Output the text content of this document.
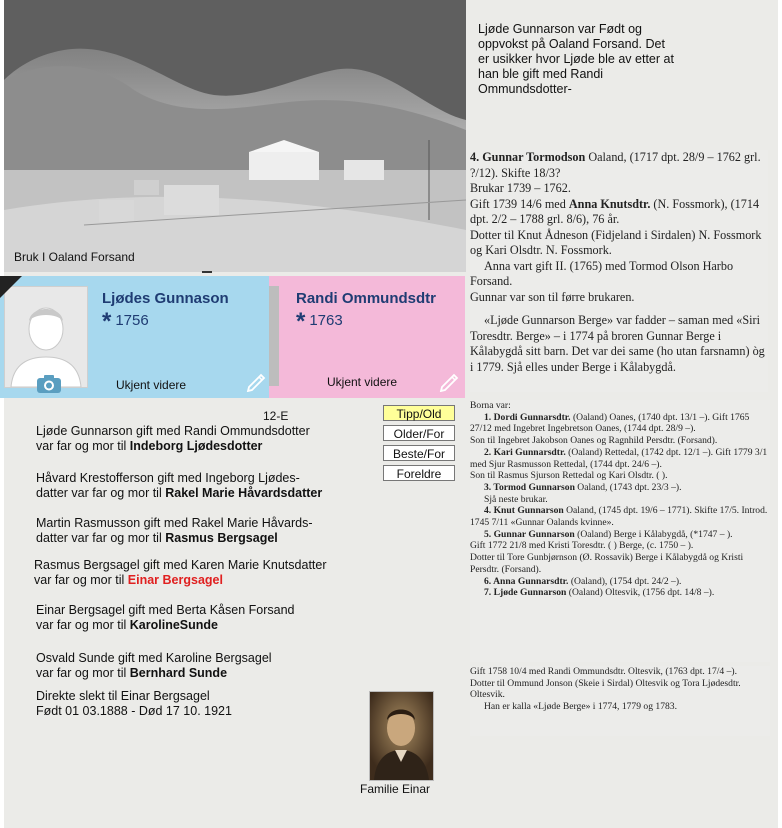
Bruk I Oaland Forsand
Ljøde Gunnarson var Født og oppvokst på Oaland Forsand. Det er usikker hvor Ljøde ble av etter at han ble gift med Randi Ommundsdotter-

4. Gunnar Tormodson Oaland, (1717 dpt. 28/9 – 1762 grl. ?/12). Skifte 18/3?

Brukar 1739 – 1762.

Gift 1739 14/6 med Anna Knutsdtr. (N. Fossmork), (1714 dpt. 2/2 – 1788 grl. 8/6), 76 år.

Dotter til Knut Ådneson (Fidjeland i Sirdalen) N. Fossmork og Kari Olsdtr. N. Fossmork.

Anna vart gift II. (1765) med Tormod Olson Harbo Forsand.

Gunnar var son til førre brukaren.

«Ljøde Gunnarson Berge» var fadder – saman med «Siri Toresdtr. Berge» – i 1774 på broren Gunnar Berge i Kålabygdå sitt barn. Det var dei same (ho utan farsnamn) òg i 1779. Sjå elles under Berge i Kålabygdå.

Borna var:

1. Dordi Gunnarsdtr. (Oaland) Oanes, (1740 dpt. 13/1 –). Gift 1765 27/12 med Ingebret Ingebretson Oanes, (1744 dpt. 28/9 –).

Son til Ingebret Jakobson Oanes og Ragnhild Persdtr. (Forsand).

2. Kari Gunnarsdtr. (Oaland) Rettedal, (1742 dpt. 12/1 –). Gift 1779 3/1 med Sjur Rasmusson Rettedal, (1744 dpt. 24/6 –).

Son til Rasmus Sjurson Rettedal og Kari Olsdtr. ( ).

3. Tormod Gunnarson Oaland, (1743 dpt. 23/3 –).

Sjå neste brukar.

4. Knut Gunnarson Oaland, (1745 dpt. 19/6 – 1771). Skifte 17/5. Introd. 1745 7/11 «Gunnar Oalands kvinne».

5. Gunnar Gunnarson (Oaland) Berge i Kålabygdå, (*1747 – ).

Gift 1772 21/8 med Kristi Toresdtr. ( ) Berge, (c. 1750 – ).

Dotter til Tore Gunbjørnson (Ø. Rossavik) Berge i Kålabygdå og Kristi Persdtr. (Forsand).

6. Anna Gunnarsdtr. (Oaland), (1754 dpt. 24/2 –).

7. Ljøde Gunnarson (Oaland) Oltesvik, (1756 dpt. 14/8 –).

Gift 1758 10/4 med Randi Ommundsdtr. Oltesvik, (1763 dpt. 17/4 –).

Dotter til Ommund Jonson (Skeie i Sirdal) Oltesvik og Tora Ljødesdtr. Oltesvik.

Han er kalla «Ljøde Berge» i 1774, 1779 og 1783.

Ljødes Gunnason
* 1756
Ukjent videre
Randi Ommundsdtr
* 1763
Ukjent videre
12-E	Tipp/Old
Older/For
Beste/For
Foreldre
Ljøde Gunnarson gift med Randi Ommundsdotter
var far og mor til Indeborg Ljødesdotter
Håvard Krestofferson gift med Ingeborg Ljødes-
datter var far og mor til Rakel Marie Håvardsdatter
Martin Rasmusson gift med Rakel Marie Håvards-
datter var far og mor til Rasmus Bergsagel
Rasmus Bergsagel gift med Karen Marie Knutsdatter
var far og mor til Einar Bergsagel
Einar Bergsagel gift med Berta Kåsen Forsand
var far og mor til KarolineSunde
Osvald Sunde gift med Karoline Bergsagel
var far og mor til Bernhard Sunde
Direkte slekt til Einar Bergsagel
Født 01 03.1888 - Død 17 10. 1921
Familie Einar
